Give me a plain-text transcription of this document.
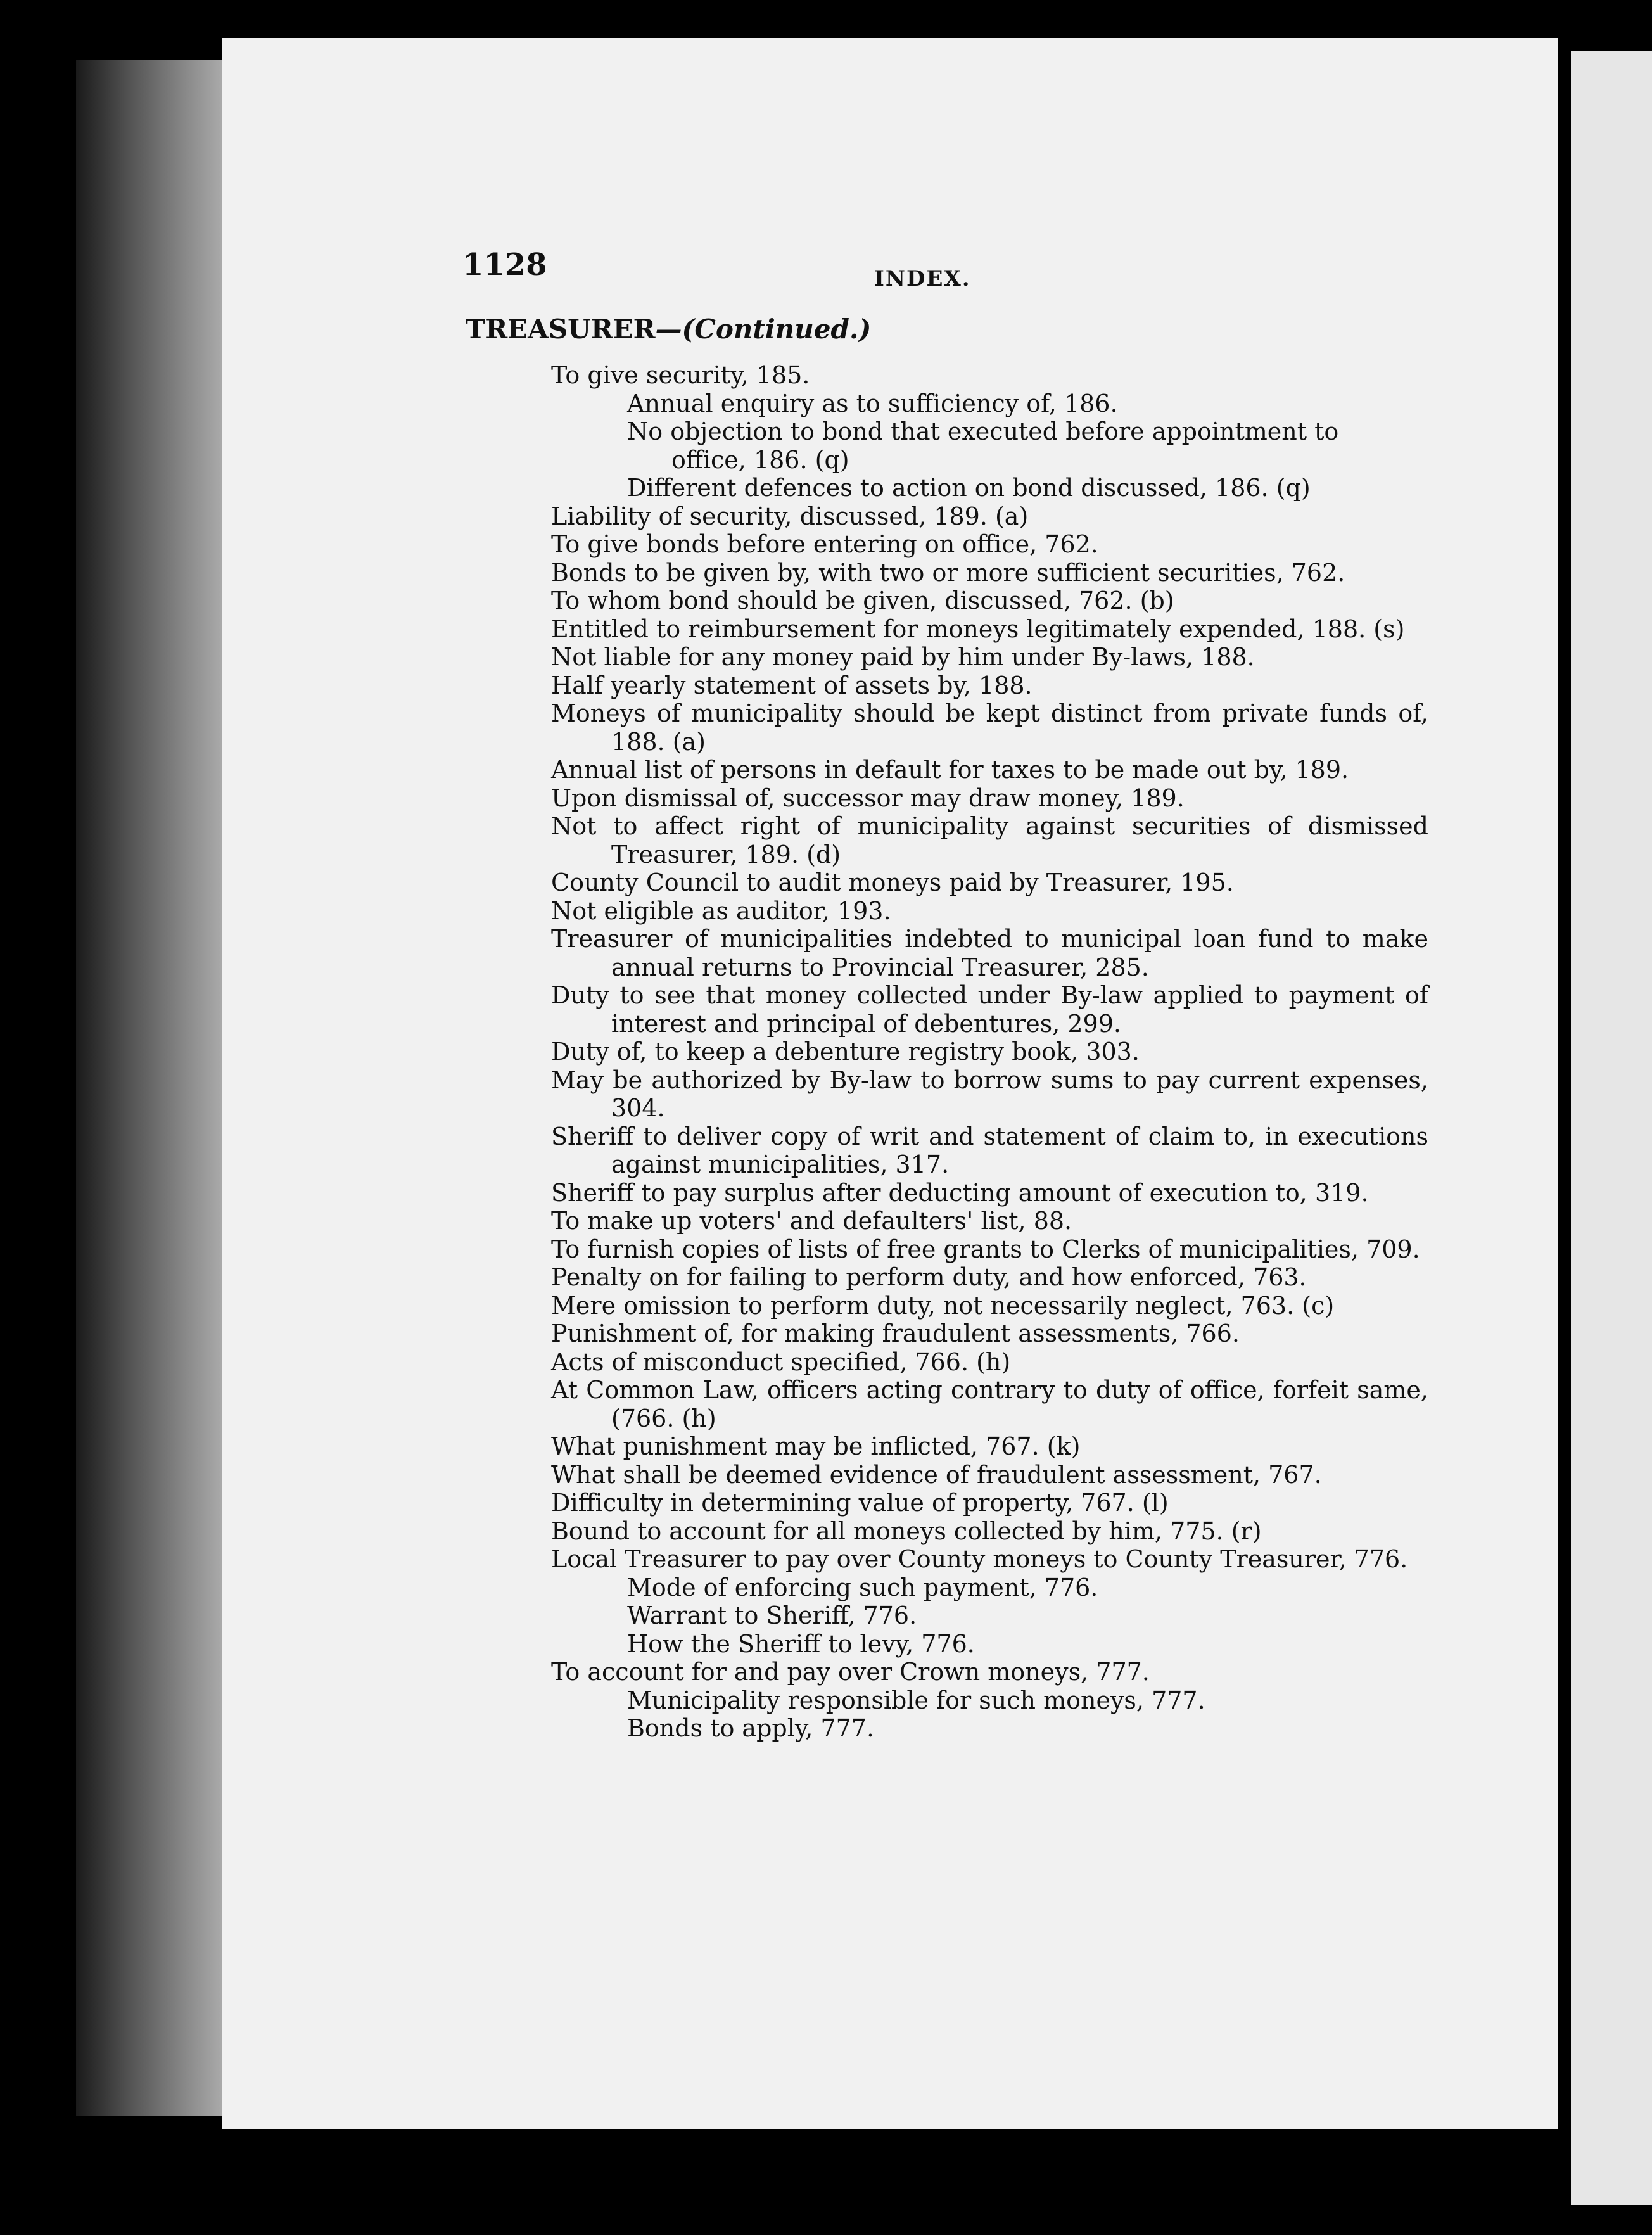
1128	INDEX.
TREASURER—(Continued.)
To give security, 185.
Annual enquiry as to sufficiency of, 186.
No objection to bond that executed before appointment to office, 186. (q)
Different defences to action on bond discussed, 186. (q)
Liability of security, discussed, 189. (a)
To give bonds before entering on office, 762.
Bonds to be given by, with two or more sufficient securities, 762.
To whom bond should be given, discussed, 762. (b)
Entitled to reimbursement for moneys legitimately expended, 188. (s)
Not liable for any money paid by him under By-laws, 188.
Half yearly statement of assets by, 188.
Moneys of municipality should be kept distinct from private funds of, 188. (a)
Annual list of persons in default for taxes to be made out by, 189.
Upon dismissal of, successor may draw money, 189.
Not to affect right of municipality against securities of dismissed Treasurer, 189. (d)
County Council to audit moneys paid by Treasurer, 195.
Not eligible as auditor, 193.
Treasurer of municipalities indebted to municipal loan fund to make annual returns to Provincial Treasurer, 285.
Duty to see that money collected under By-law applied to payment of interest and principal of debentures, 299.
Duty of, to keep a debenture registry book, 303.
May be authorized by By-law to borrow sums to pay current expenses, 304.
Sheriff to deliver copy of writ and statement of claim to, in executions against municipalities, 317.
Sheriff to pay surplus after deducting amount of execution to, 319.
To make up voters' and defaulters' list, 88.
To furnish copies of lists of free grants to Clerks of municipalities, 709.
Penalty on for failing to perform duty, and how enforced, 763.
Mere omission to perform duty, not necessarily neglect, 763. (c)
Punishment of, for making fraudulent assessments, 766.
Acts of misconduct specified, 766. (h)
At Common Law, officers acting contrary to duty of office, forfeit same, (766. (h)
What punishment may be inflicted, 767. (k)
What shall be deemed evidence of fraudulent assessment, 767.
Difficulty in determining value of property, 767. (l)
Bound to account for all moneys collected by him, 775. (r)
Local Treasurer to pay over County moneys to County Treasurer, 776.
Mode of enforcing such payment, 776.
Warrant to Sheriff, 776.
How the Sheriff to levy, 776.
To account for and pay over Crown moneys, 777.
Municipality responsible for such moneys, 777.
Bonds to apply, 777.
